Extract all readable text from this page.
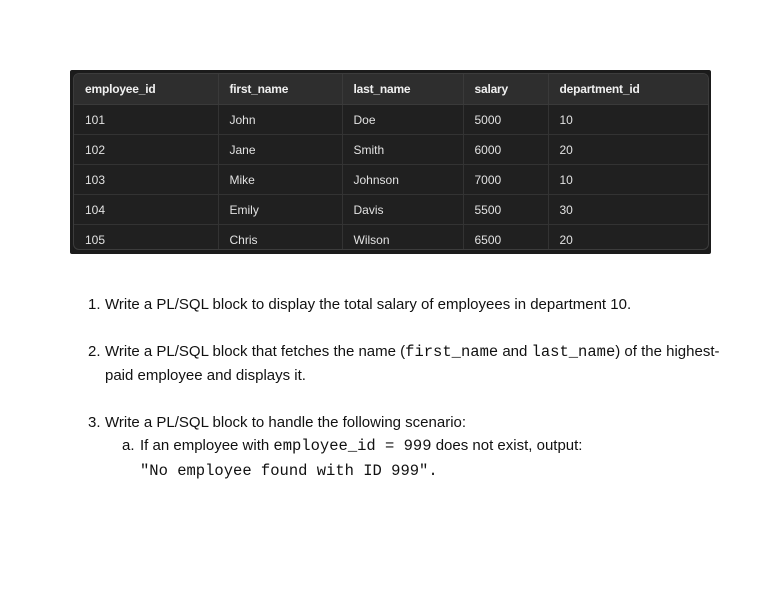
employee_id	first_name	last_name	salary	department_id
101	John	Doe	5000	10
102	Jane	Smith	6000	20
103	Mike	Johnson	7000	10
104	Emily	Davis	5500	30
105	Chris	Wilson	6500	20
1. Write a PL/SQL block to display the total salary of employees in department 10.
2. Write a PL/SQL block that fetches the name (first_name and last_name) of the highest-paid employee and displays it.
3. Write a PL/SQL block to handle the following scenario:
a. If an employee with employee_id = 999 does not exist, output:
"No employee found with ID 999".
